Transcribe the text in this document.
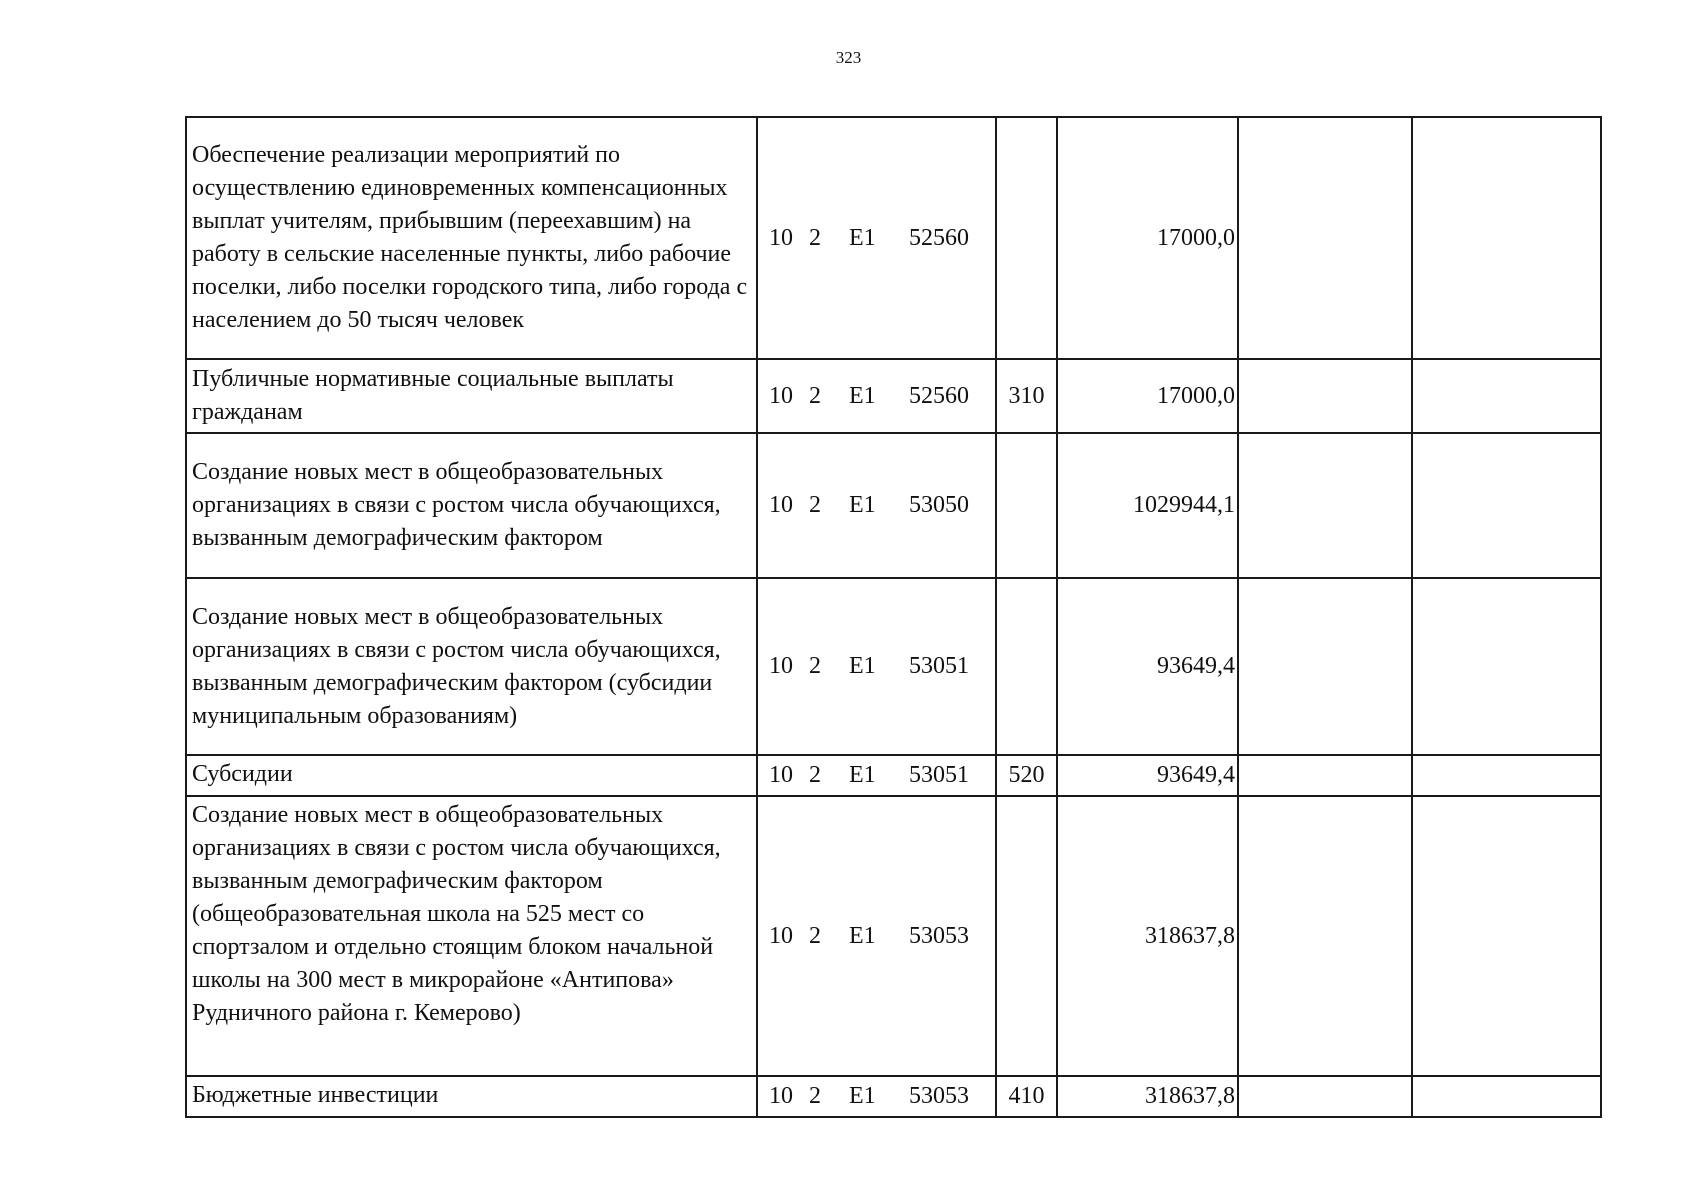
323
Обеспечение реализации мероприятий по осуществлению единовременных компенсационных выплат учителям, прибывшим (переехавшим) на работу в сельские населенные пункты, либо рабочие поселки, либо поселки городского типа, либо города с населением до 50 тысяч человек	10 2 E1 52560		17000,0		
Публичные нормативные социальные выплаты гражданам	10 2 E1 52560	310	17000,0		
Создание новых мест в общеобразовательных организациях в связи с ростом числа обучающихся, вызванным демографическим фактором	10 2 E1 53050		1029944,1		
Создание новых мест в общеобразовательных организациях в связи с ростом числа обучающихся, вызванным демографическим фактором (субсидии муниципальным образованиям)	10 2 E1 53051		93649,4		
Субсидии	10 2 E1 53051	520	93649,4		
Создание новых мест в общеобразовательных организациях в связи с ростом числа обучающихся, вызванным демографическим фактором (общеобразовательная школа на 525 мест со спортзалом и отдельно стоящим блоком начальной школы на 300 мест в микрорайоне «Антипова» Рудничного района г. Кемерово)	10 2 E1 53053		318637,8		
Бюджетные инвестиции	10 2 E1 53053	410	318637,8		
